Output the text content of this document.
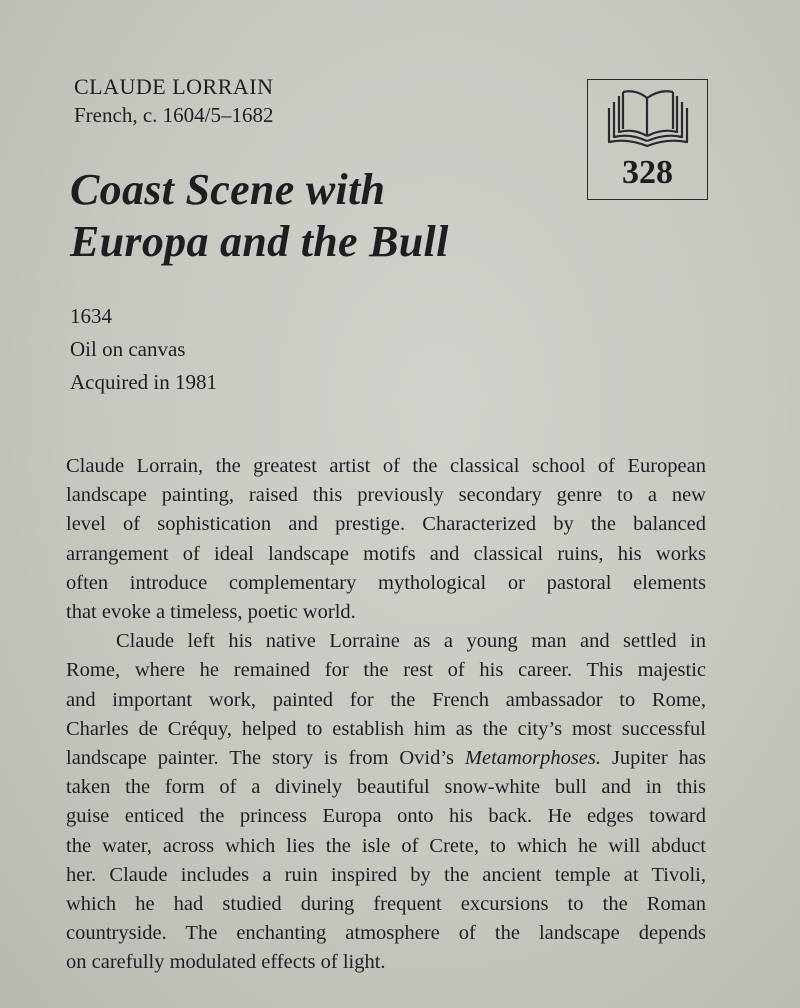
CLAUDE LORRAIN
French, c. 1604/5–1682
Coast Scene with
Europa and the Bull
1634
Oil on canvas
Acquired in 1981
328
Claude Lorrain, the greatest artist of the classical school of European
landscape painting, raised this previously secondary genre to a new
level of sophistication and prestige. Characterized by the balanced
arrangement of ideal landscape motifs and classical ruins, his works
often introduce complementary mythological or pastoral elements
that evoke a timeless, poetic world.
Claude left his native Lorraine as a young man and settled in
Rome, where he remained for the rest of his career. This majestic
and important work, painted for the French ambassador to Rome,
Charles de Créquy, helped to establish him as the city’s most successful
landscape painter. The story is from Ovid’s Metamorphoses. Jupiter has
taken the form of a divinely beautiful snow-white bull and in this
guise enticed the princess Europa onto his back. He edges toward
the water, across which lies the isle of Crete, to which he will abduct
her. Claude includes a ruin inspired by the ancient temple at Tivoli,
which he had studied during frequent excursions to the Roman
countryside. The enchanting atmosphere of the landscape depends
on carefully modulated effects of light.
